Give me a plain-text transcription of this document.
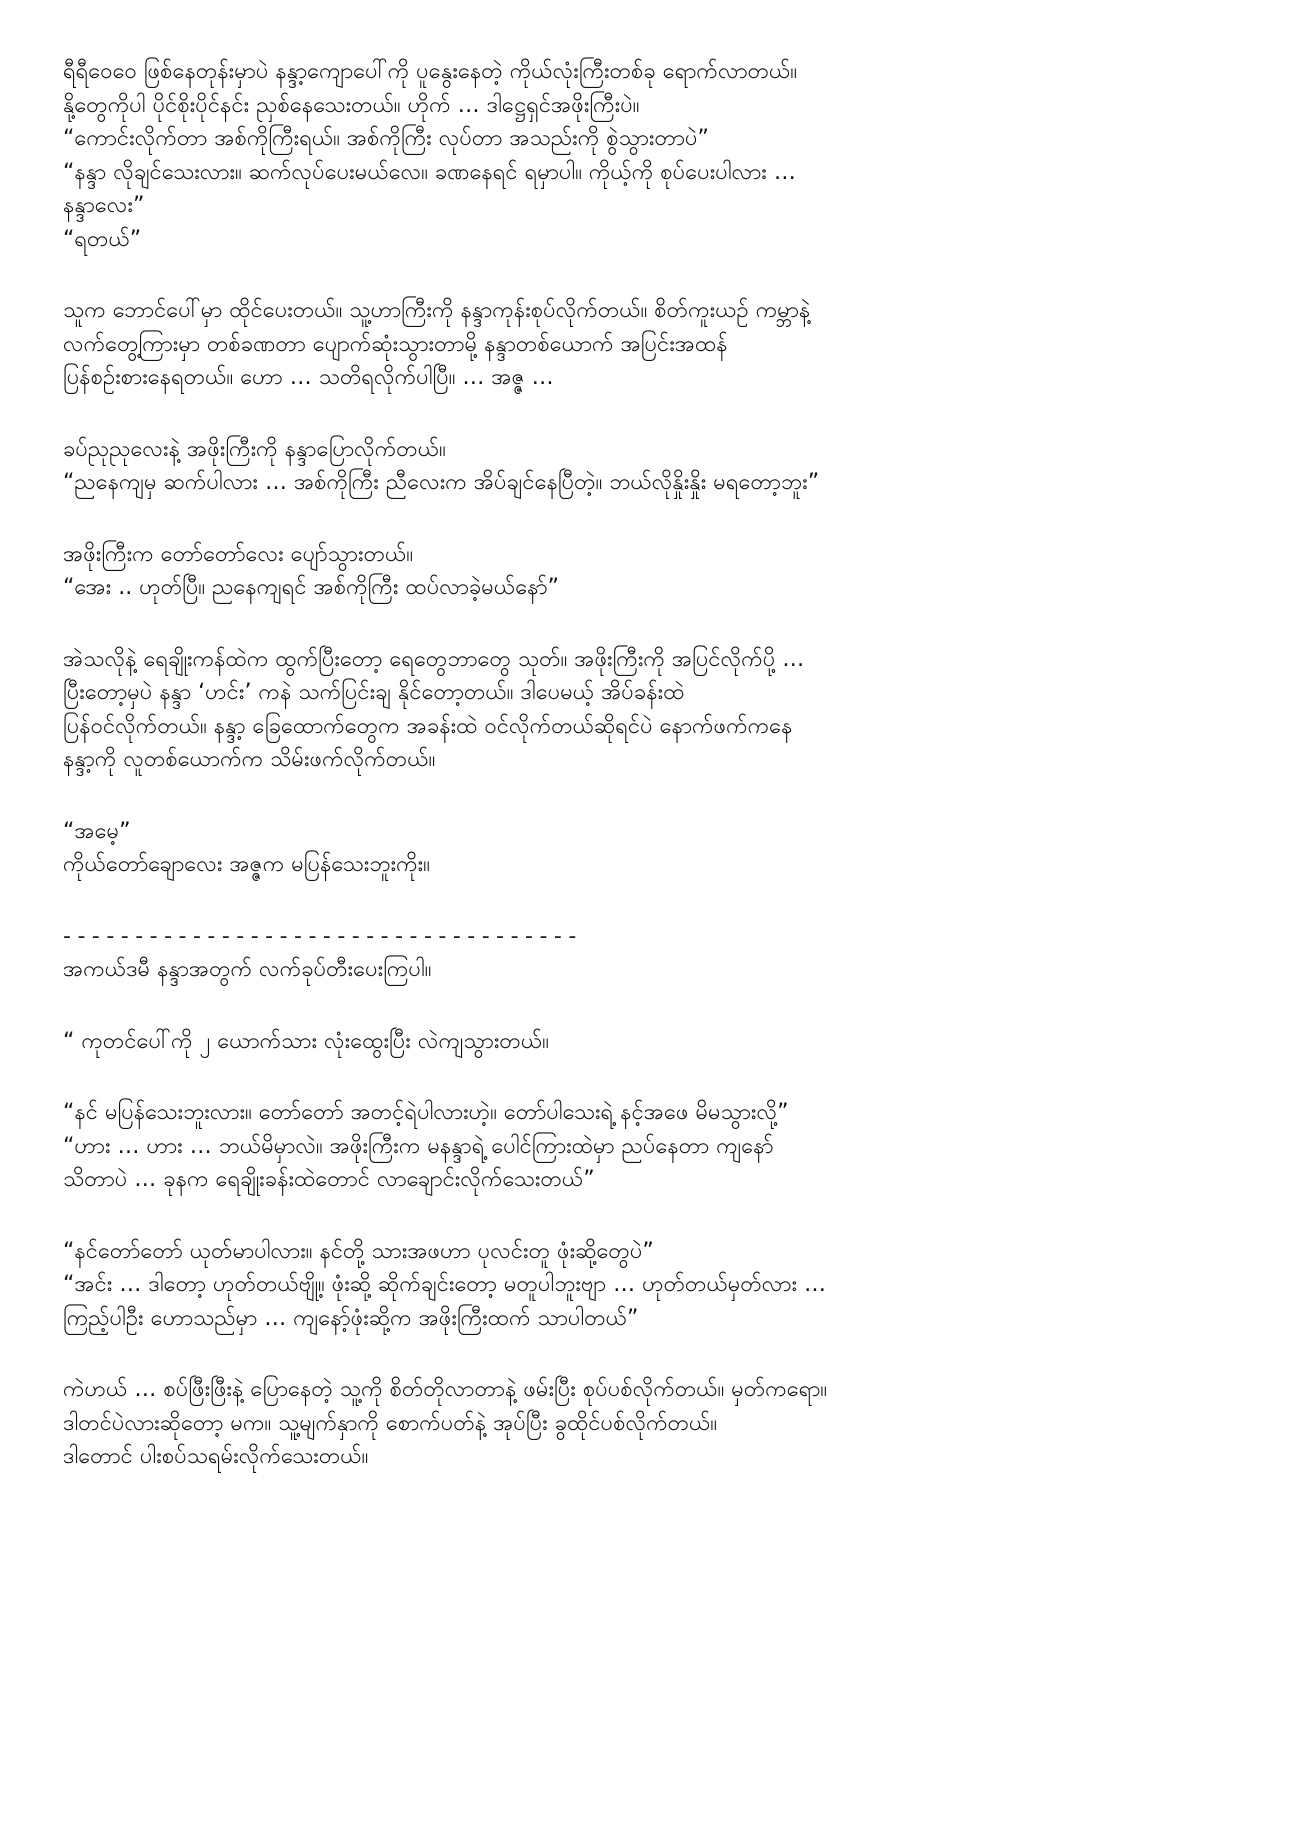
ရီရီဝေဝေ ဖြစ်နေတုန်းမှာပဲ နန္ဒာ့ကျောပေါ်ကို ပူနွေးနေတဲ့ ကိုယ်လုံးကြီးတစ်ခု ရောက်လာတယ်။
နို့တွေကိုပါ ပိုင်စိုးပိုင်နင်း ညှစ်နေသေးတယ်။ ဟိုက် … ဒါဋ္ဌေရှင်အဖိုးကြီးပဲ။
“ကောင်းလိုက်တာ အစ်ကိုကြီးရယ်။ အစ်ကိုကြီး လုပ်တာ အသည်းကို စွဲသွားတာပဲ”
“နန္ဒာ လိုချင်သေးလား။ ဆက်လုပ်ပေးမယ်လေ။ ခဏနေရင် ရမှာပါ။ ကိုယ့်ကို စုပ်ပေးပါလား …
နန္ဒာလေး”
“ရတယ်”
သူက ဘောင်ပေါ်မှာ ထိုင်ပေးတယ်။ သူ့ဟာကြီးကို နန္ဒာကုန်းစုပ်လိုက်တယ်။ စိတ်ကူးယဉ် ကမ္ဘာနဲ့
လက်တွေ့ကြားမှာ တစ်ခဏတာ ပျောက်ဆုံးသွားတာမို့ နန္ဒာတစ်ယောက် အပြင်းအထန်
ပြန်စဉ်းစားနေရတယ်။ ဟော … သတိရလိုက်ပါပြီ။ … အဇ္ဇ …
ခပ်ညုညုလေးနဲ့ အဖိုးကြီးကို နန္ဒာပြောလိုက်တယ်။
“ညနေကျမှ ဆက်ပါလား … အစ်ကိုကြီး ညီလေးက အိပ်ချင်နေပြီတဲ့။ ဘယ်လိုနှိုးနှိုး မရတော့ဘူး”
အဖိုးကြီးက တော်တော်လေး ပျော်သွားတယ်။
“အေး .. ဟုတ်ပြီ။ ညနေကျရင် အစ်ကိုကြီး ထပ်လာခဲ့မယ်နော်”
အဲသလိုနဲ့ ရေချိုးကန်ထဲက ထွက်ပြီးတော့ ရေတွေဘာတွေ သုတ်။ အဖိုးကြီးကို အပြင်လိုက်ပို့ …
ပြီးတော့မှပဲ နန္ဒာ ‘ဟင်း’ ကနဲ သက်ပြင်းချ နိုင်တော့တယ်။ ဒါပေမယ့် အိပ်ခန်းထဲ
ပြန်ဝင်လိုက်တယ်။ နန္ဒာ့ ခြေထောက်တွေက အခန်းထဲ ဝင်လိုက်တယ်ဆိုရင်ပဲ နောက်ဖက်ကနေ
နန္ဒာ့ကို လူတစ်ယောက်က သိမ်းဖက်လိုက်တယ်။
“အမေ့”
ကိုယ်တော်ချောလေး အဇ္ဇက မပြန်သေးဘူးကိုး။
------------------------------------
အကယ်ဒမီ နန္ဒာအတွက် လက်ခုပ်တီးပေးကြပါ။
“ ကုတင်ပေါ်ကို ၂ ယောက်သား လုံးထွေးပြီး လဲကျသွားတယ်။
“နင် မပြန်သေးဘူးလား။ တော်တော် အတင့်ရဲပါလားဟဲ့။ တော်ပါသေးရဲ့ နင့်အဖေ မိမသွားလို့”
“ဟား … ဟား … ဘယ်မိမှာလဲ။ အဖိုးကြီးက မနန္ဒာရဲ့ ပေါင်ကြားထဲမှာ ညပ်နေတာ ကျနော်
သိတာပဲ … ခုနက ရေချိုးခန်းထဲတောင် လာချောင်းလိုက်သေးတယ်”
“နင်တော်တော် ယုတ်မာပါလား။ နင်တို့ သားအဖဟာ ပုလင်းတူ ဖုံးဆို့တွေပဲ”
“အင်း … ဒါတော့ ဟုတ်တယ်ဗျို့။ ဖုံးဆို့ ဆိုက်ချင်းတော့ မတူပါဘူးဗျာ … ဟုတ်တယ်မှတ်လား …
ကြည့်ပါဦး ဟောသည်မှာ … ကျနော့်ဖုံးဆို့က အဖိုးကြီးထက် သာပါတယ်”
ကဲဟယ် … စပ်ဖြီးဖြီးနဲ့ ပြောနေတဲ့ သူ့ကို စိတ်တိုလာတာနဲ့ ဖမ်းပြီး စုပ်ပစ်လိုက်တယ်။ မှတ်ကရော။
ဒါတင်ပဲလားဆိုတော့ မက။ သူ့မျက်နှာကို စောက်ပတ်နဲ့ အုပ်ပြီး ခွထိုင်ပစ်လိုက်တယ်။
ဒါတောင် ပါးစပ်သရမ်းလိုက်သေးတယ်။
